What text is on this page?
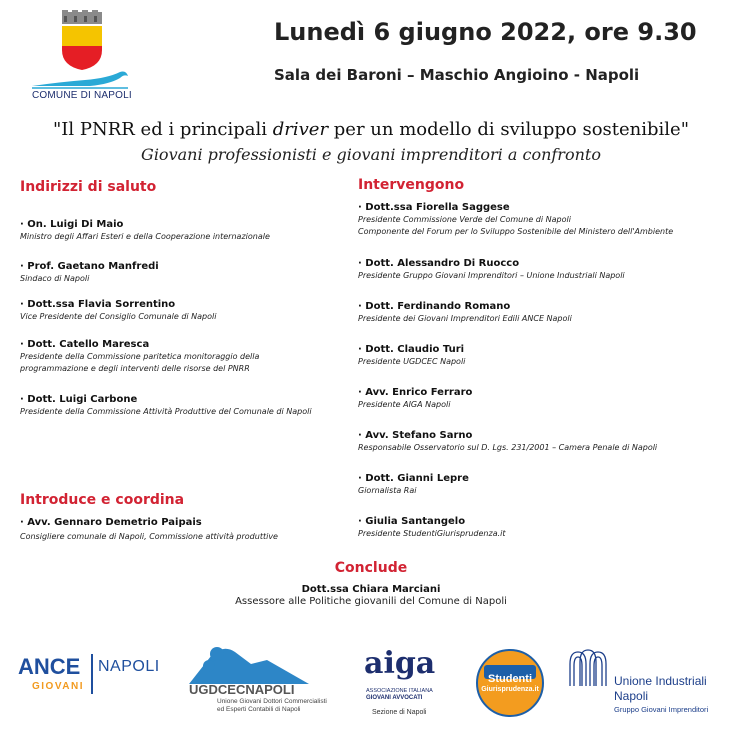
COMUNE DI NAPOLI
Lunedì 6 giugno 2022, ore 9.30
Sala dei Baroni – Maschio Angioino - Napoli
"Il PNRR ed i principali driver per un modello di sviluppo sostenibile"
Giovani professionisti e giovani imprenditori a confronto
Indirizzi di saluto
· On. Luigi Di Maio
Ministro degli Affari Esteri e della Cooperazione internazionale
· Prof. Gaetano Manfredi
Sindaco di Napoli
· Dott.ssa Flavia Sorrentino
Vice Presidente del Consiglio Comunale di Napoli
· Dott. Catello Maresca
Presidente della Commissione paritetica monitoraggio della
programmazione e degli interventi delle risorse del PNRR
· Dott. Luigi Carbone
Presidente della Commissione Attività Produttive del Comunale di Napoli
Introduce e coordina
· Avv. Gennaro Demetrio Paipais
Consigliere comunale di Napoli, Commissione attività produttive
Intervengono
· Dott.ssa Fiorella Saggese
Presidente Commissione Verde del Comune di Napoli
Componente del Forum per lo Sviluppo Sostenibile del Ministero dell'Ambiente
· Dott. Alessandro Di Ruocco
Presidente Gruppo Giovani Imprenditori – Unione Industriali Napoli
· Dott. Ferdinando Romano
Presidente dei Giovani Imprenditori Edili ANCE Napoli
· Dott. Claudio Turi
Presidente UGDCEC Napoli
· Avv. Enrico Ferraro
Presidente AIGA Napoli
· Avv. Stefano Sarno
Responsabile Osservatorio sul D. Lgs. 231/2001 – Camera Penale di Napoli
· Dott. Gianni Lepre
Giornalista Rai
· Giulia Santangelo
Presidente StudentiGiurisprudenza.it
Conclude
Dott.ssa Chiara Marciani
Assessore alle Politiche giovanili del Comune di Napoli
ANCE
GIOVANI
NAPOLI
UGDCECNAPOLI
Unione Giovani Dottori Commercialisti
ed Esperti Contabili di Napoli
aiga
ASSOCIAZIONE ITALIANA
GIOVANI AVVOCATI
Sezione di Napoli
Studenti
Giurisprudenza.it
Unione Industriali
Napoli
Gruppo Giovani Imprenditori
